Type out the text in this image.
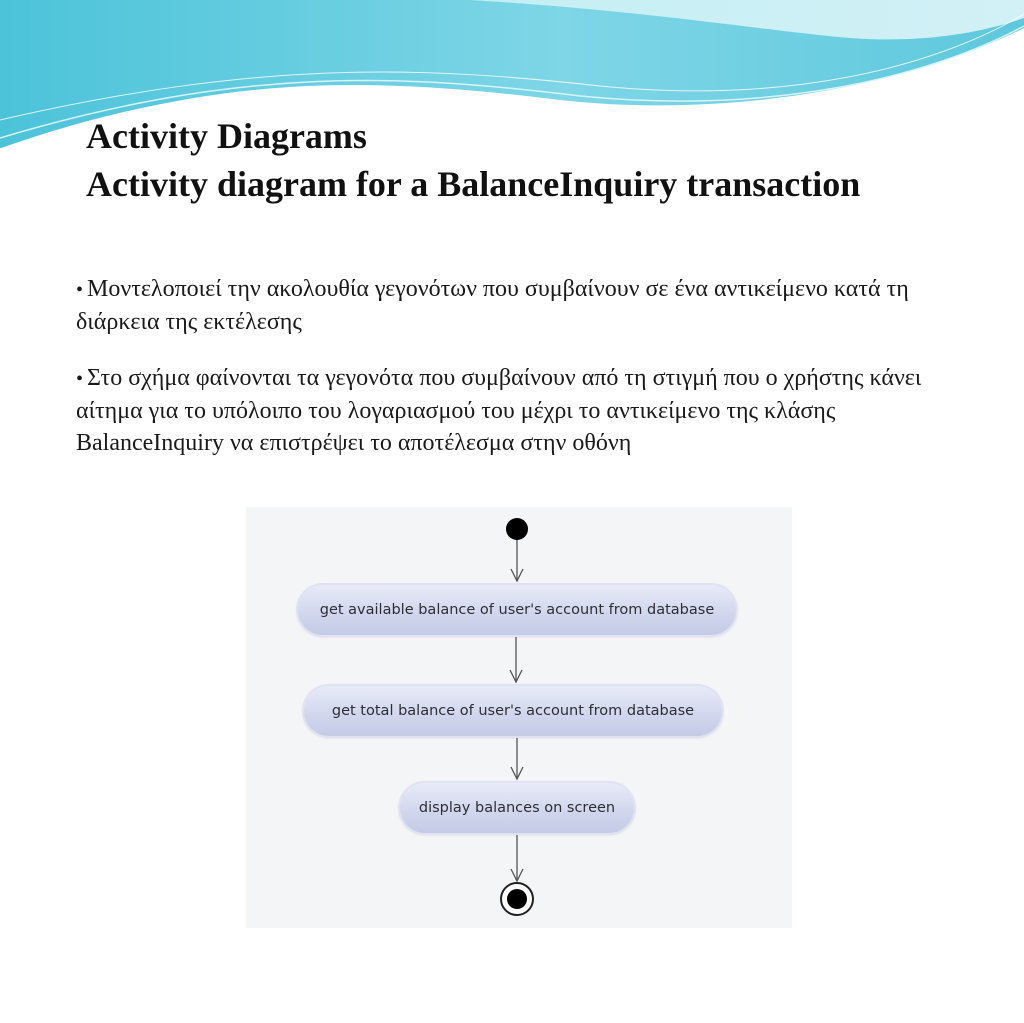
Activity Diagrams
Activity diagram for a BalanceInquiry transaction

• Μοντελοποιεί την ακολουθία γεγονότων που συμβαίνουν σε ένα αντικείμενο κατά τη διάρκεια της εκτέλεσης

• Στο σχήμα φαίνονται τα γεγονότα που συμβαίνουν από τη στιγμή που ο χρήστης κάνει αίτημα για το υπόλοιπο του λογαριασμού του μέχρι το αντικείμενο της κλάσης BalanceInquiry να επιστρέψει το αποτέλεσμα στην οθόνη

get available balance of user's account from database
get total balance of user's account from database
display balances on screen
